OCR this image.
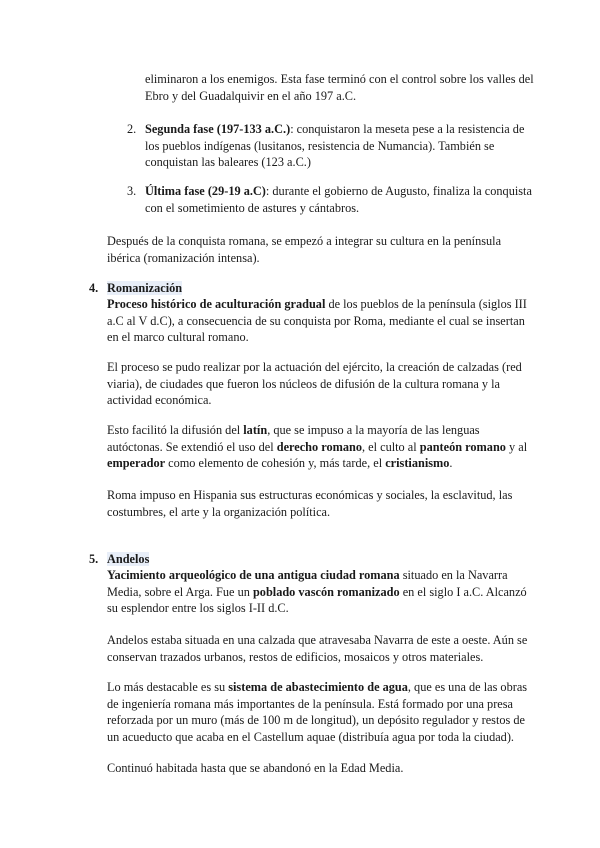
eliminaron a los enemigos. Esta fase terminó con el control sobre los valles del

Ebro y del Guadalquivir en el año 197 a.C.

2. Segunda fase (197-133 a.C.): conquistaron la meseta pese a la resistencia de

los pueblos indígenas (lusitanos, resistencia de Numancia). También se

conquistan las baleares (123 a.C.)

3. Última fase (29-19 a.C): durante el gobierno de Augusto, finaliza la conquista

con el sometimiento de astures y cántabros.

Después de la conquista romana, se empezó a integrar su cultura en la península

ibérica (romanización intensa).

4. Romanización

Proceso histórico de aculturación gradual de los pueblos de la península (siglos III

a.C al V d.C), a consecuencia de su conquista por Roma, mediante el cual se insertan

en el marco cultural romano.

El proceso se pudo realizar por la actuación del ejército, la creación de calzadas (red

viaria), de ciudades que fueron los núcleos de difusión de la cultura romana y la

actividad económica.

Esto facilitó la difusión del latín, que se impuso a la mayoría de las lenguas

autóctonas. Se extendió el uso del derecho romano, el culto al panteón romano y al

emperador como elemento de cohesión y, más tarde, el cristianismo.

Roma impuso en Hispania sus estructuras económicas y sociales, la esclavitud, las

costumbres, el arte y la organización política.

5. Andelos

Yacimiento arqueológico de una antigua ciudad romana situado en la Navarra

Media, sobre el Arga. Fue un poblado vascón romanizado en el siglo I a.C. Alcanzó

su esplendor entre los siglos I-II d.C.

Andelos estaba situada en una calzada que atravesaba Navarra de este a oeste. Aún se

conservan trazados urbanos, restos de edificios, mosaicos y otros materiales.

Lo más destacable es su sistema de abastecimiento de agua, que es una de las obras

de ingeniería romana más importantes de la península. Está formado por una presa

reforzada por un muro (más de 100 m de longitud), un depósito regulador y restos de

un acueducto que acaba en el Castellum aquae (distribuía agua por toda la ciudad).

Continuó habitada hasta que se abandonó en la Edad Media.
